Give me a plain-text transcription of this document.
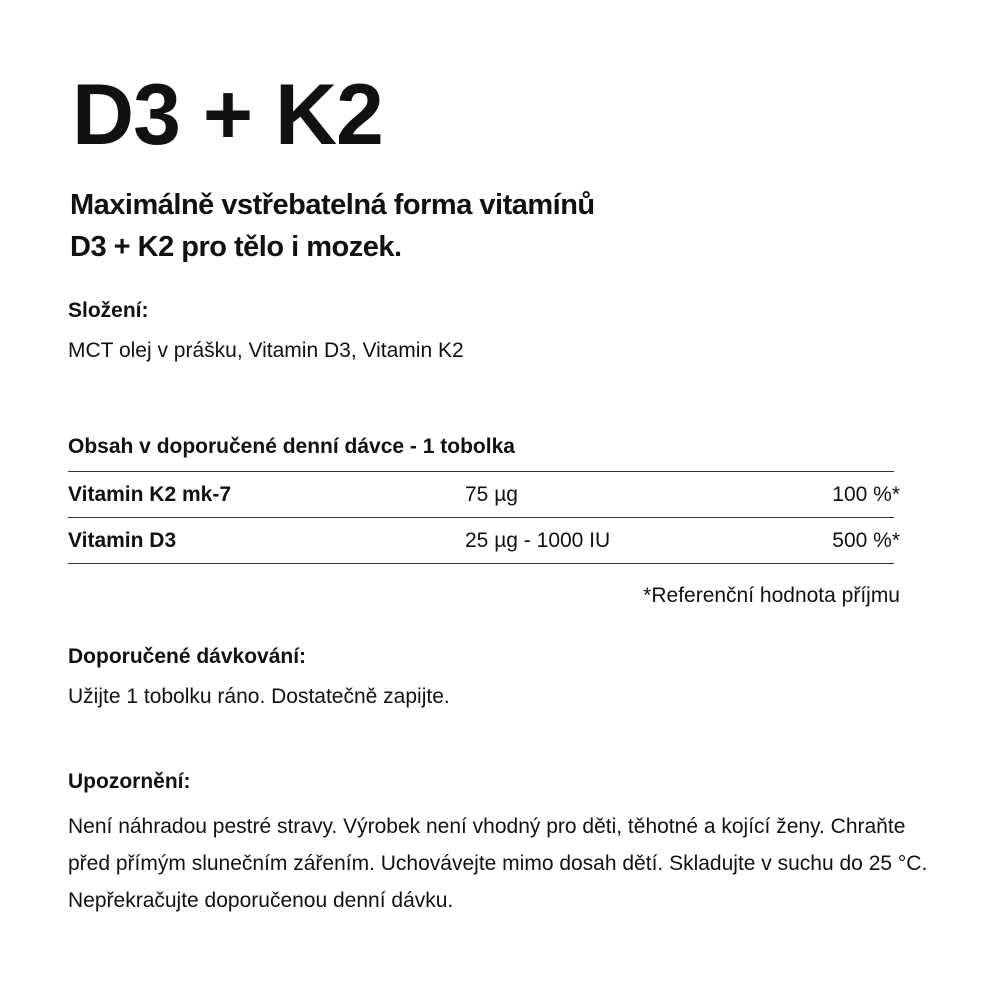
D3 + K2
Maximálně vstřebatelná forma vitamínů
D3 + K2 pro tělo i mozek.
Složení:

MCT olej v prášku, Vitamin D3, Vitamin K2

Obsah v doporučené denní dávce - 1 tobolka
Vitamin K2 mk-7	75 µg	100 %*
Vitamin D3	25 µg - 1000 IU	500 %*

*Referenční hodnota příjmu

Doporučené dávkování:

Užijte 1 tobolku ráno. Dostatečně zapijte.

Upozornění:

Není náhradou pestré stravy. Výrobek není vhodný pro děti, těhotné a kojící ženy. Chraňte před přímým slunečním zářením. Uchovávejte mimo dosah dětí. Skladujte v suchu do 25 °C. Nepřekračujte doporučenou denní dávku.
